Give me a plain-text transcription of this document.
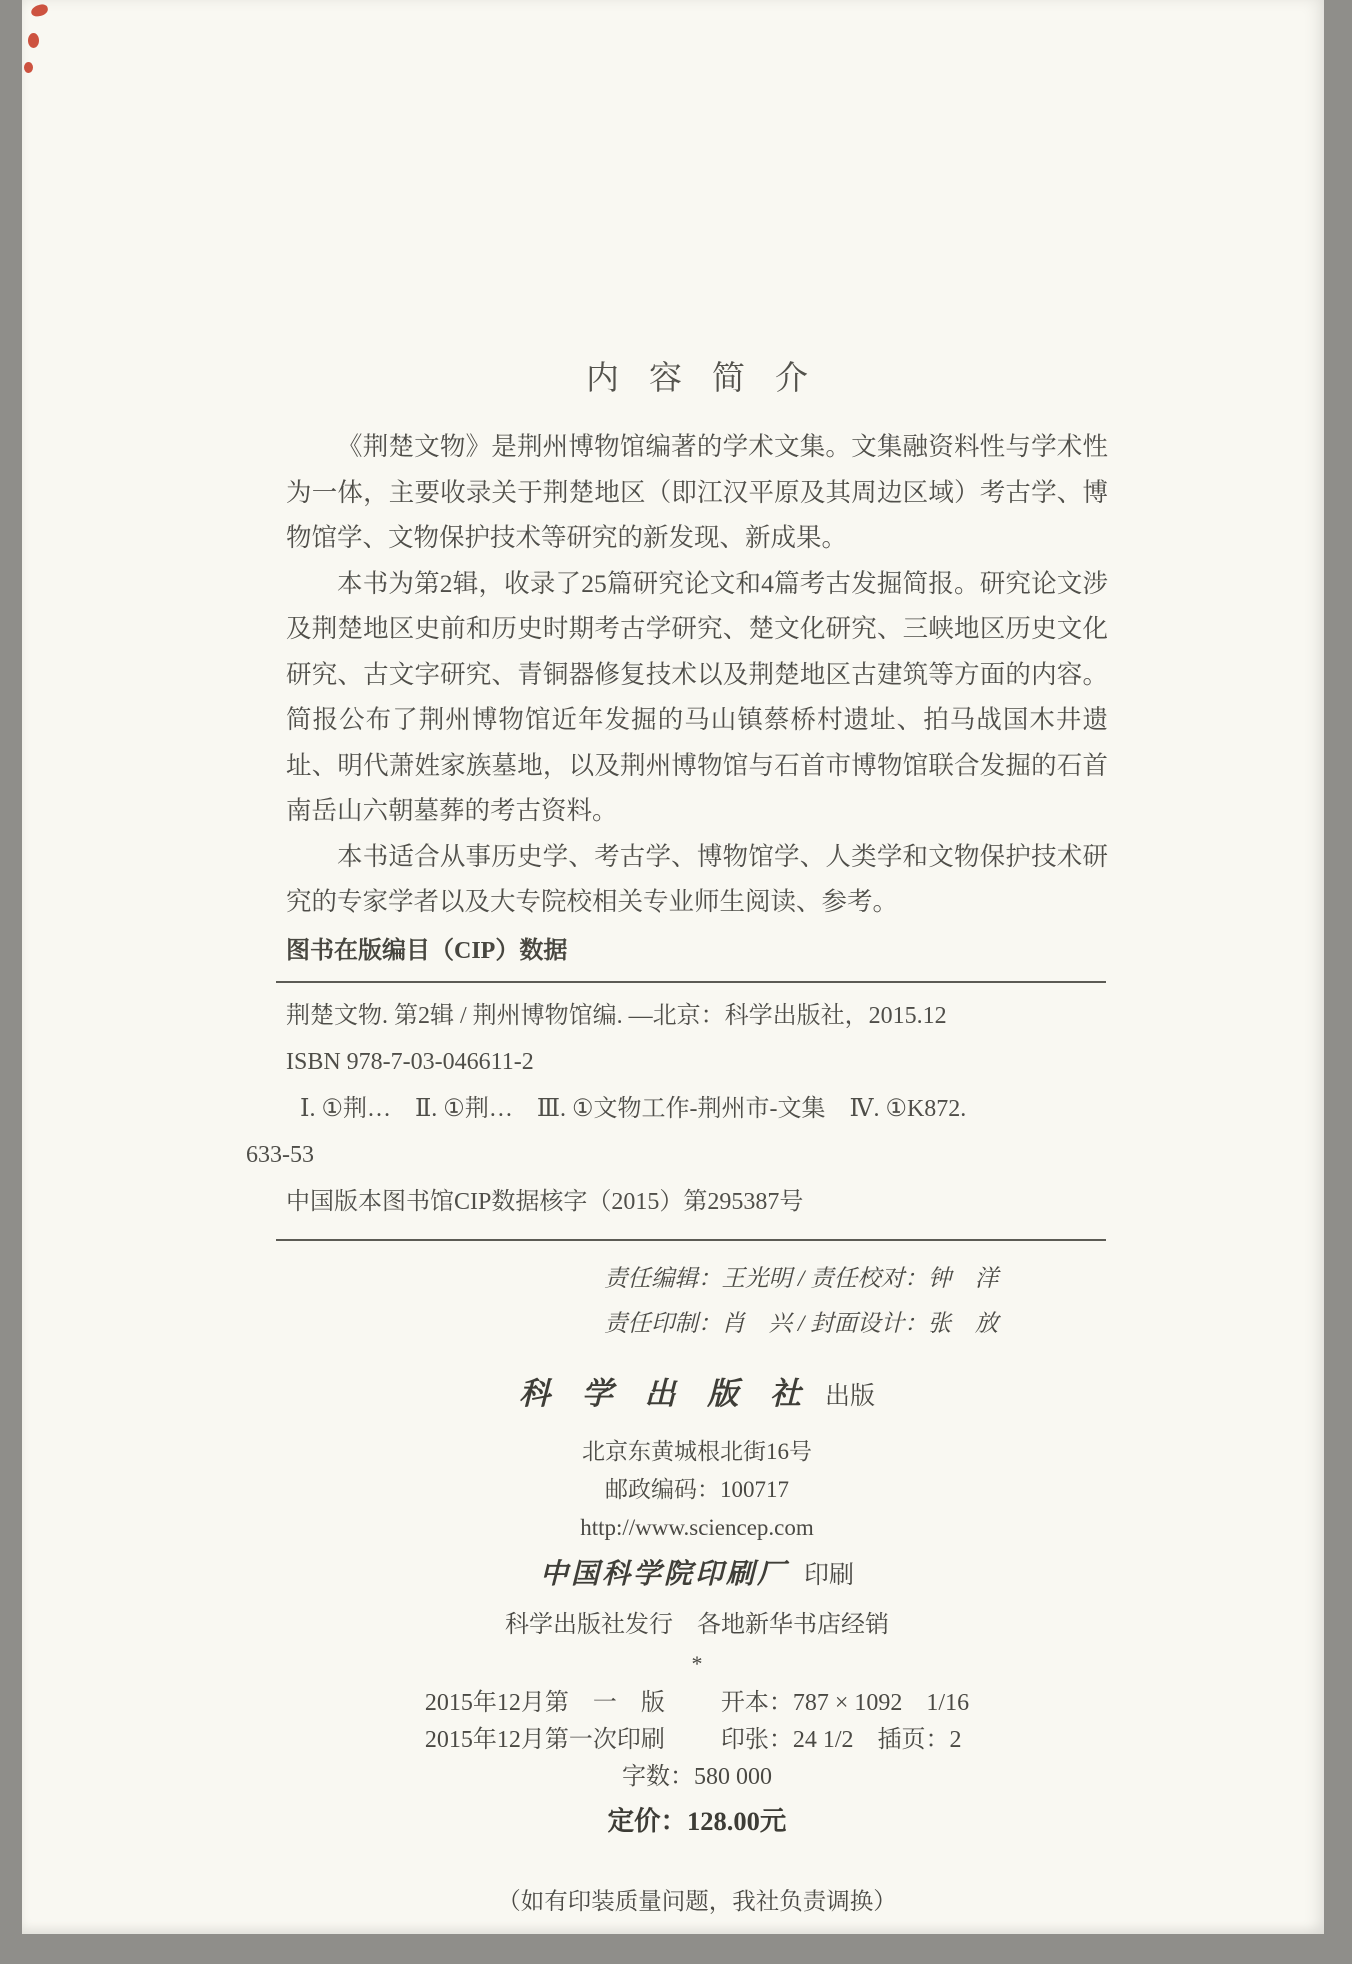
内容简介

《荆楚文物》是荆州博物馆编著的学术文集。文集融资料性与学术性为一体，主要收录关于荆楚地区（即江汉平原及其周边区域）考古学、博物馆学、文物保护技术等研究的新发现、新成果。

本书为第2辑，收录了25篇研究论文和4篇考古发掘简报。研究论文涉及荆楚地区史前和历史时期考古学研究、楚文化研究、三峡地区历史文化研究、古文字研究、青铜器修复技术以及荆楚地区古建筑等方面的内容。简报公布了荆州博物馆近年发掘的马山镇蔡桥村遗址、拍马战国木井遗址、明代萧姓家族墓地，以及荆州博物馆与石首市博物馆联合发掘的石首南岳山六朝墓葬的考古资料。

本书适合从事历史学、考古学、博物馆学、人类学和文物保护技术研究的专家学者以及大专院校相关专业师生阅读、参考。

图书在版编目（CIP）数据
荆楚文物. 第2辑 / 荆州博物馆编. —北京：科学出版社，2015.12
ISBN 978-7-03-046611-2
Ⅰ. ①荆…　Ⅱ. ①荆…　Ⅲ. ①文物工作-荆州市-文集　Ⅳ. ①K872.
633-53
中国版本图书馆CIP数据核字（2015）第295387号
责任编辑：王光明 / 责任校对：钟　洋
责任印制：肖　兴 / 封面设计：张　放
科 学 出 版 社 出版
北京东黄城根北街16号
邮政编码：100717
http://www.sciencep.com
中国科学院印刷厂 印刷
科学出版社发行　各地新华书店经销
*
2015年12月第　一　版 开本：787 × 1092　1/16
2015年12月第一次印刷 印张：24 1/2　插页：2
字数：580 000
定价：128.00元
（如有印装质量问题，我社负责调换）
